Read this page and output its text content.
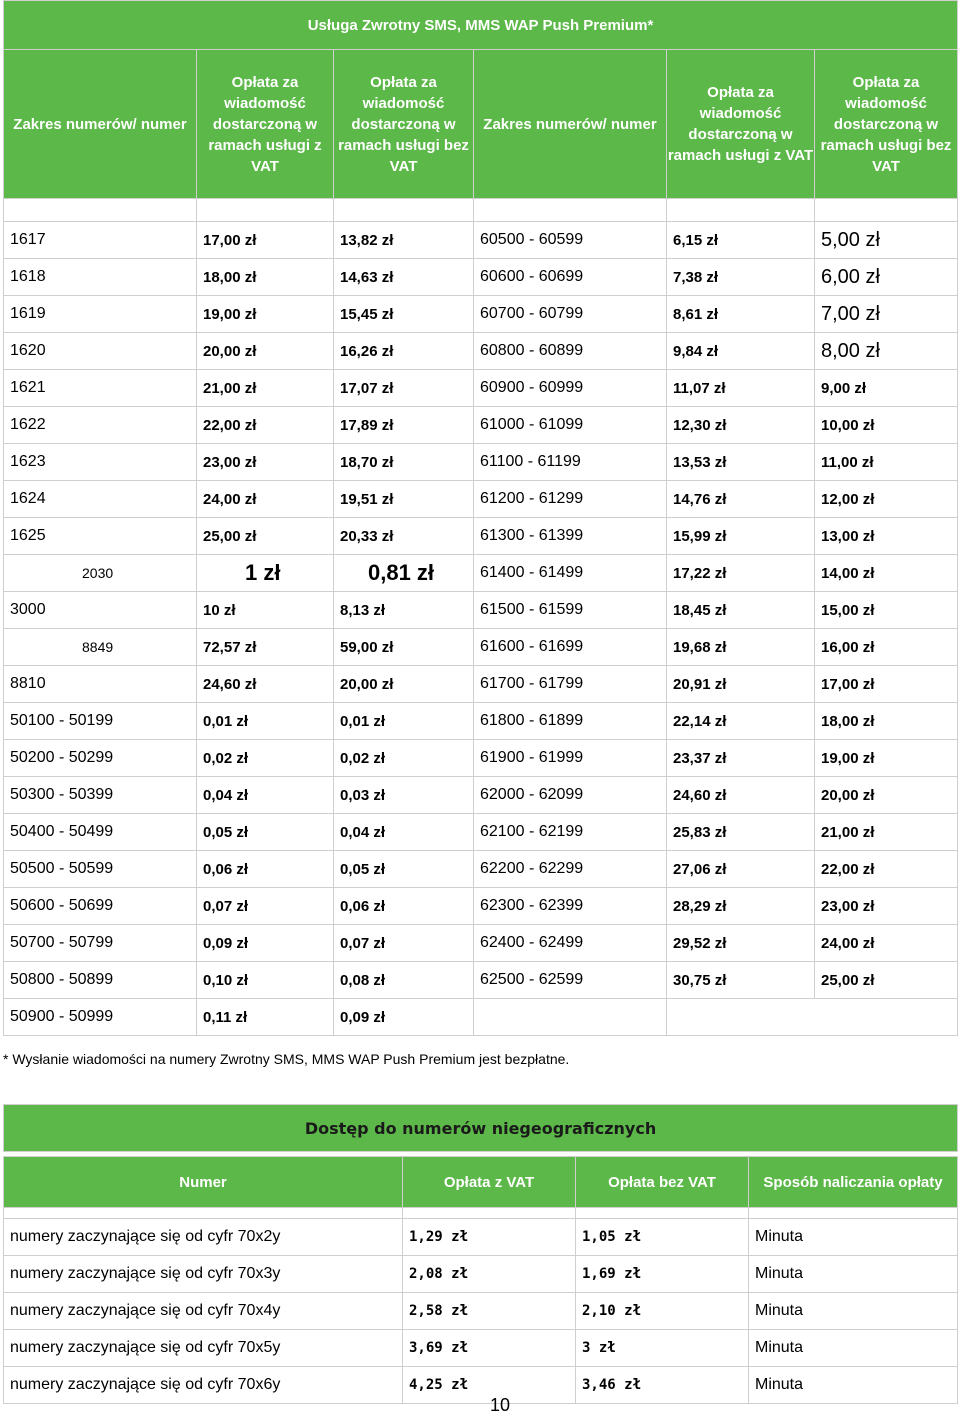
Usługa Zwrotny SMS, MMS WAP Push Premium*					
Zakres numerów/ numer	Opłata za wiadomość dostarczoną w ramach usługi z VAT	Opłata za wiadomość dostarczoną w ramach usługi bez VAT	Zakres numerów/ numer	Opłata za wiadomość dostarczoną w ramach usługi z VAT	Opłata za wiadomość dostarczoną w ramach usługi bez VAT

1617	17,00 zł	13,82 zł	60500 - 60599	6,15 zł	5,00 zł
1618	18,00 zł	14,63 zł	60600 - 60699	7,38 zł	6,00 zł
1619	19,00 zł	15,45 zł	60700 - 60799	8,61 zł	7,00 zł
1620	20,00 zł	16,26 zł	60800 - 60899	9,84 zł	8,00 zł
1621	21,00 zł	17,07 zł	60900 - 60999	11,07 zł	9,00 zł
1622	22,00 zł	17,89 zł	61000 - 61099	12,30 zł	10,00 zł
1623	23,00 zł	18,70 zł	61100 - 61199	13,53 zł	11,00 zł
1624	24,00 zł	19,51 zł	61200 - 61299	14,76 zł	12,00 zł
1625	25,00 zł	20,33 zł	61300 - 61399	15,99 zł	13,00 zł
2030	1 zł	0,81 zł	61400 - 61499	17,22 zł	14,00 zł
3000	10 zł	8,13 zł	61500 - 61599	18,45 zł	15,00 zł
8849	72,57 zł	59,00 zł	61600 - 61699	19,68 zł	16,00 zł
8810	24,60 zł	20,00 zł	61700 - 61799	20,91 zł	17,00 zł
50100 - 50199	0,01 zł	0,01 zł	61800 - 61899	22,14 zł	18,00 zł
50200 - 50299	0,02 zł	0,02 zł	61900 - 61999	23,37 zł	19,00 zł
50300 - 50399	0,04 zł	0,03 zł	62000 - 62099	24,60 zł	20,00 zł
50400 - 50499	0,05 zł	0,04 zł	62100 - 62199	25,83 zł	21,00 zł
50500 - 50599	0,06 zł	0,05 zł	62200 - 62299	27,06 zł	22,00 zł
50600 - 50699	0,07 zł	0,06 zł	62300 - 62399	28,29 zł	23,00 zł
50700 - 50799	0,09 zł	0,07 zł	62400 - 62499	29,52 zł	24,00 zł
50800 - 50899	0,10 zł	0,08 zł	62500 - 62599	30,75 zł	25,00 zł
50900 - 50999	0,11 zł	0,09 zł			
* Wysłanie wiadomości na numery Zwrotny SMS, MMS WAP Push Premium jest bezpłatne.
Dostęp do numerów niegeograficznych			

Numer	Opłata z VAT	Opłata bez VAT	Sposób naliczania opłaty

numery zaczynające się od cyfr 70x2y	1,29 zł	1,05 zł	Minuta
numery zaczynające się od cyfr 70x3y	2,08 zł	1,69 zł	Minuta
numery zaczynające się od cyfr 70x4y	2,58 zł	2,10 zł	Minuta
numery zaczynające się od cyfr 70x5y	3,69 zł	3 zł	Minuta
numery zaczynające się od cyfr 70x6y	4,25 zł	3,46 zł	Minuta
10
